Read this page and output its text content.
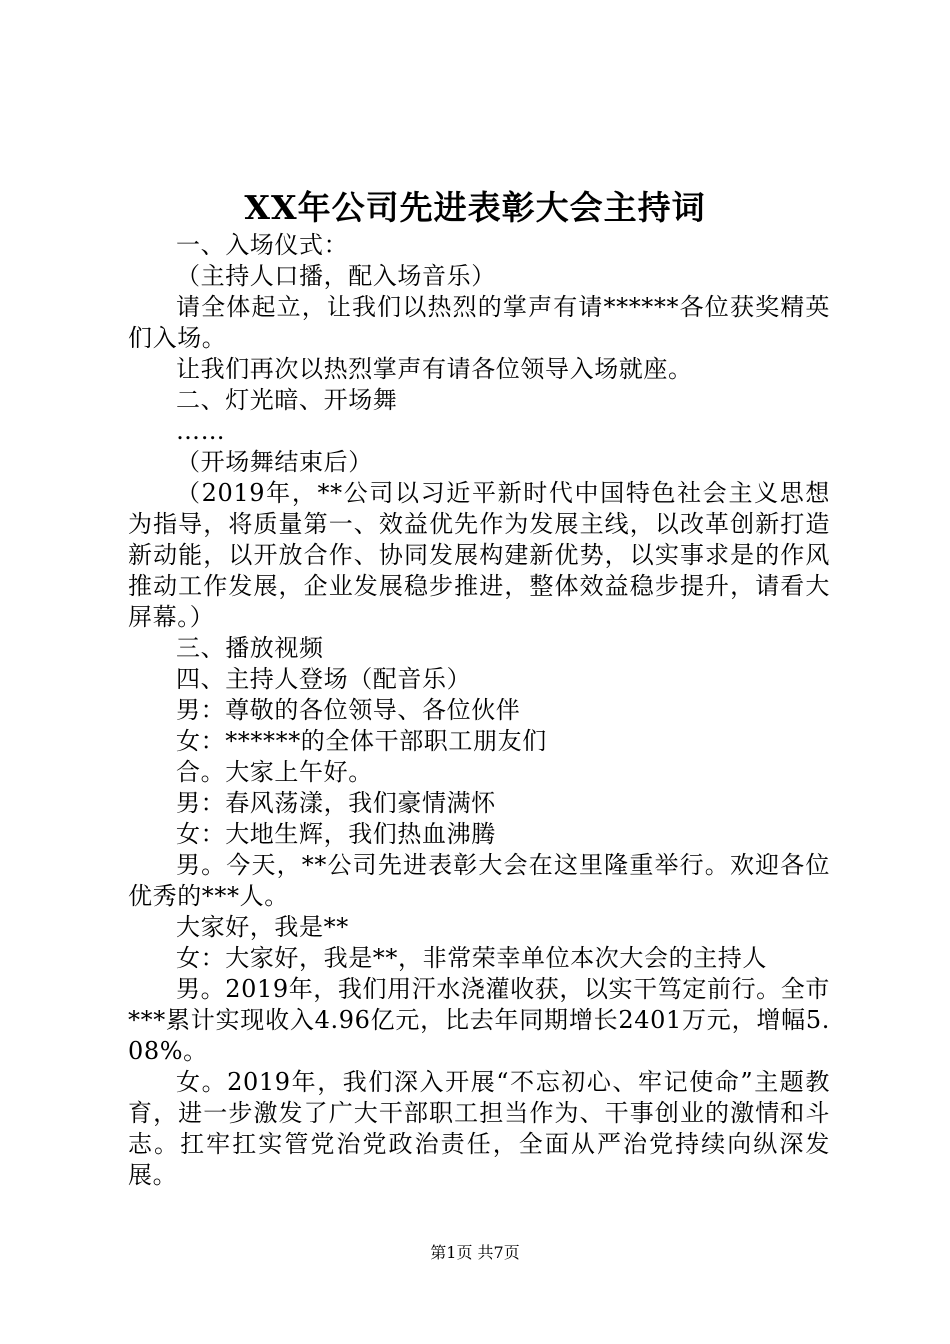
XX年公司先进表彰大会主持词

一、入场仪式：

（主持人口播，配入场音乐）

请全体起立，让我们以热烈的掌声有请******各位获奖精英们入场。

让我们再次以热烈掌声有请各位领导入场就座。

二、灯光暗、开场舞

……

（开场舞结束后）

（2019年，**公司以习近平新时代中国特色社会主义思想为指导，将质量第一、效益优先作为发展主线，以改革创新打造新动能，以开放合作、协同发展构建新优势，以实事求是的作风推动工作发展，企业发展稳步推进，整体效益稳步提升，请看大屏幕。）

三、播放视频

四、主持人登场（配音乐）

男：尊敬的各位领导、各位伙伴

女：******的全体干部职工朋友们

合。大家上午好。

男：春风荡漾，我们豪情满怀

女：大地生辉，我们热血沸腾

男。今天，**公司先进表彰大会在这里隆重举行。欢迎各位优秀的***人。

大家好，我是**

女：大家好，我是**，非常荣幸单位本次大会的主持人

男。2019年，我们用汗水浇灌收获，以实干笃定前行。全市***累计实现收入4.96亿元，比去年同期增长2401万元，增幅5.08%。

女。2019年，我们深入开展“不忘初心、牢记使命”主题教育，进一步激发了广大干部职工担当作为、干事创业的激情和斗志。扛牢扛实管党治党政治责任，全面从严治党持续向纵深发展。

第1页 共7页
